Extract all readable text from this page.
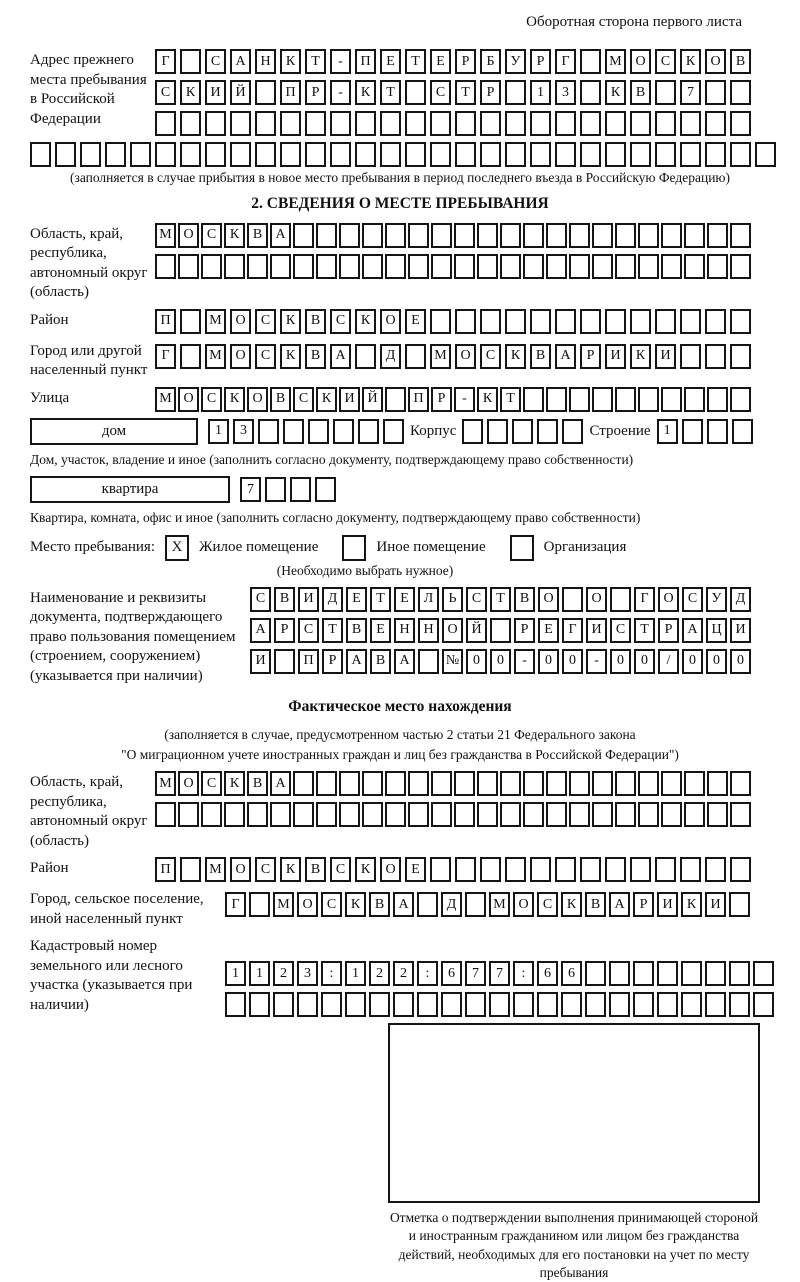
Оборотная сторона первого листа
Адрес прежнего места пребывания в Российской Федерации
Г	С	А	Н	К	Т	-	П	Е	Т	Е	Р	Б	У	Р	Г	М О	С	К	О	В
С	К	И	Й	П	Р	-	К	Т	С	Т	Р	1	3	К	В	7
(заполняется в случае прибытия в новое место пребывания в период последнего въезда в Российскую Федерацию)
2. СВЕДЕНИЯ О МЕСТЕ ПРЕБЫВАНИЯ
Область, край, республика, автономный округ (область)
М О С К В А
Район	П	М О	С	К	В	С	К	О	Е
Город или другой населенный пункт
Г	М О	С	К	В	А	Д	М О	С	К	В	А	Р	И	К	И
Улица	М О С К О В С К И Й	П	Р	-	К	Т
дом	1	3	Корпус	Строение 1
Дом, участок, владение и иное (заполнить согласно документу, подтверждающему право собственности)
квартира	7
Квартира, комната, офис и иное (заполнить согласно документу, подтверждающему право собственности)
Место пребывания:	X	Жилое помещение	Иное помещение	Организация
(Необходимо выбрать нужное)
Наименование и реквизиты документа, подтверждающего право пользования помещением (строением, сооружением) (указывается при наличии)
С	В	И	Д	Е	Т	Е	Л	Ь	С	Т	В	О	О	Г	О	С	У	Д
А	Р	С	Т	В	Е	Н Н О Й	Р	Е	Г	И	С	Т	Р	А Ц И
И	П	Р	А	В	А	№ 0	0	-	0	0	-	0	0	/	0	0	0
Фактическое место нахождения
(заполняется в случае, предусмотренном частью 2 статьи 21 Федерального закона
"О миграционном учете иностранных граждан и лиц без гражданства в Российской Федерации")
Область, край, республика, автономный округ (область)
М О С К В А
Район	П	М О	С	К	В	С	К	О	Е
Город, сельское поселение, иной населенный пункт
Г	М О	С	К	В	А	Д	М О	С	К	В	А	Р	И	К	И
Кадастровый номер земельного или лесного участка (указывается при наличии)
1	1	2	3	:	1	2	2	:	6	7	7	:	6	6
Отметка о подтверждении выполнения принимающей стороной и иностранным гражданином или лицом без гражданства действий, необходимых для его постановки на учет по месту пребывания
